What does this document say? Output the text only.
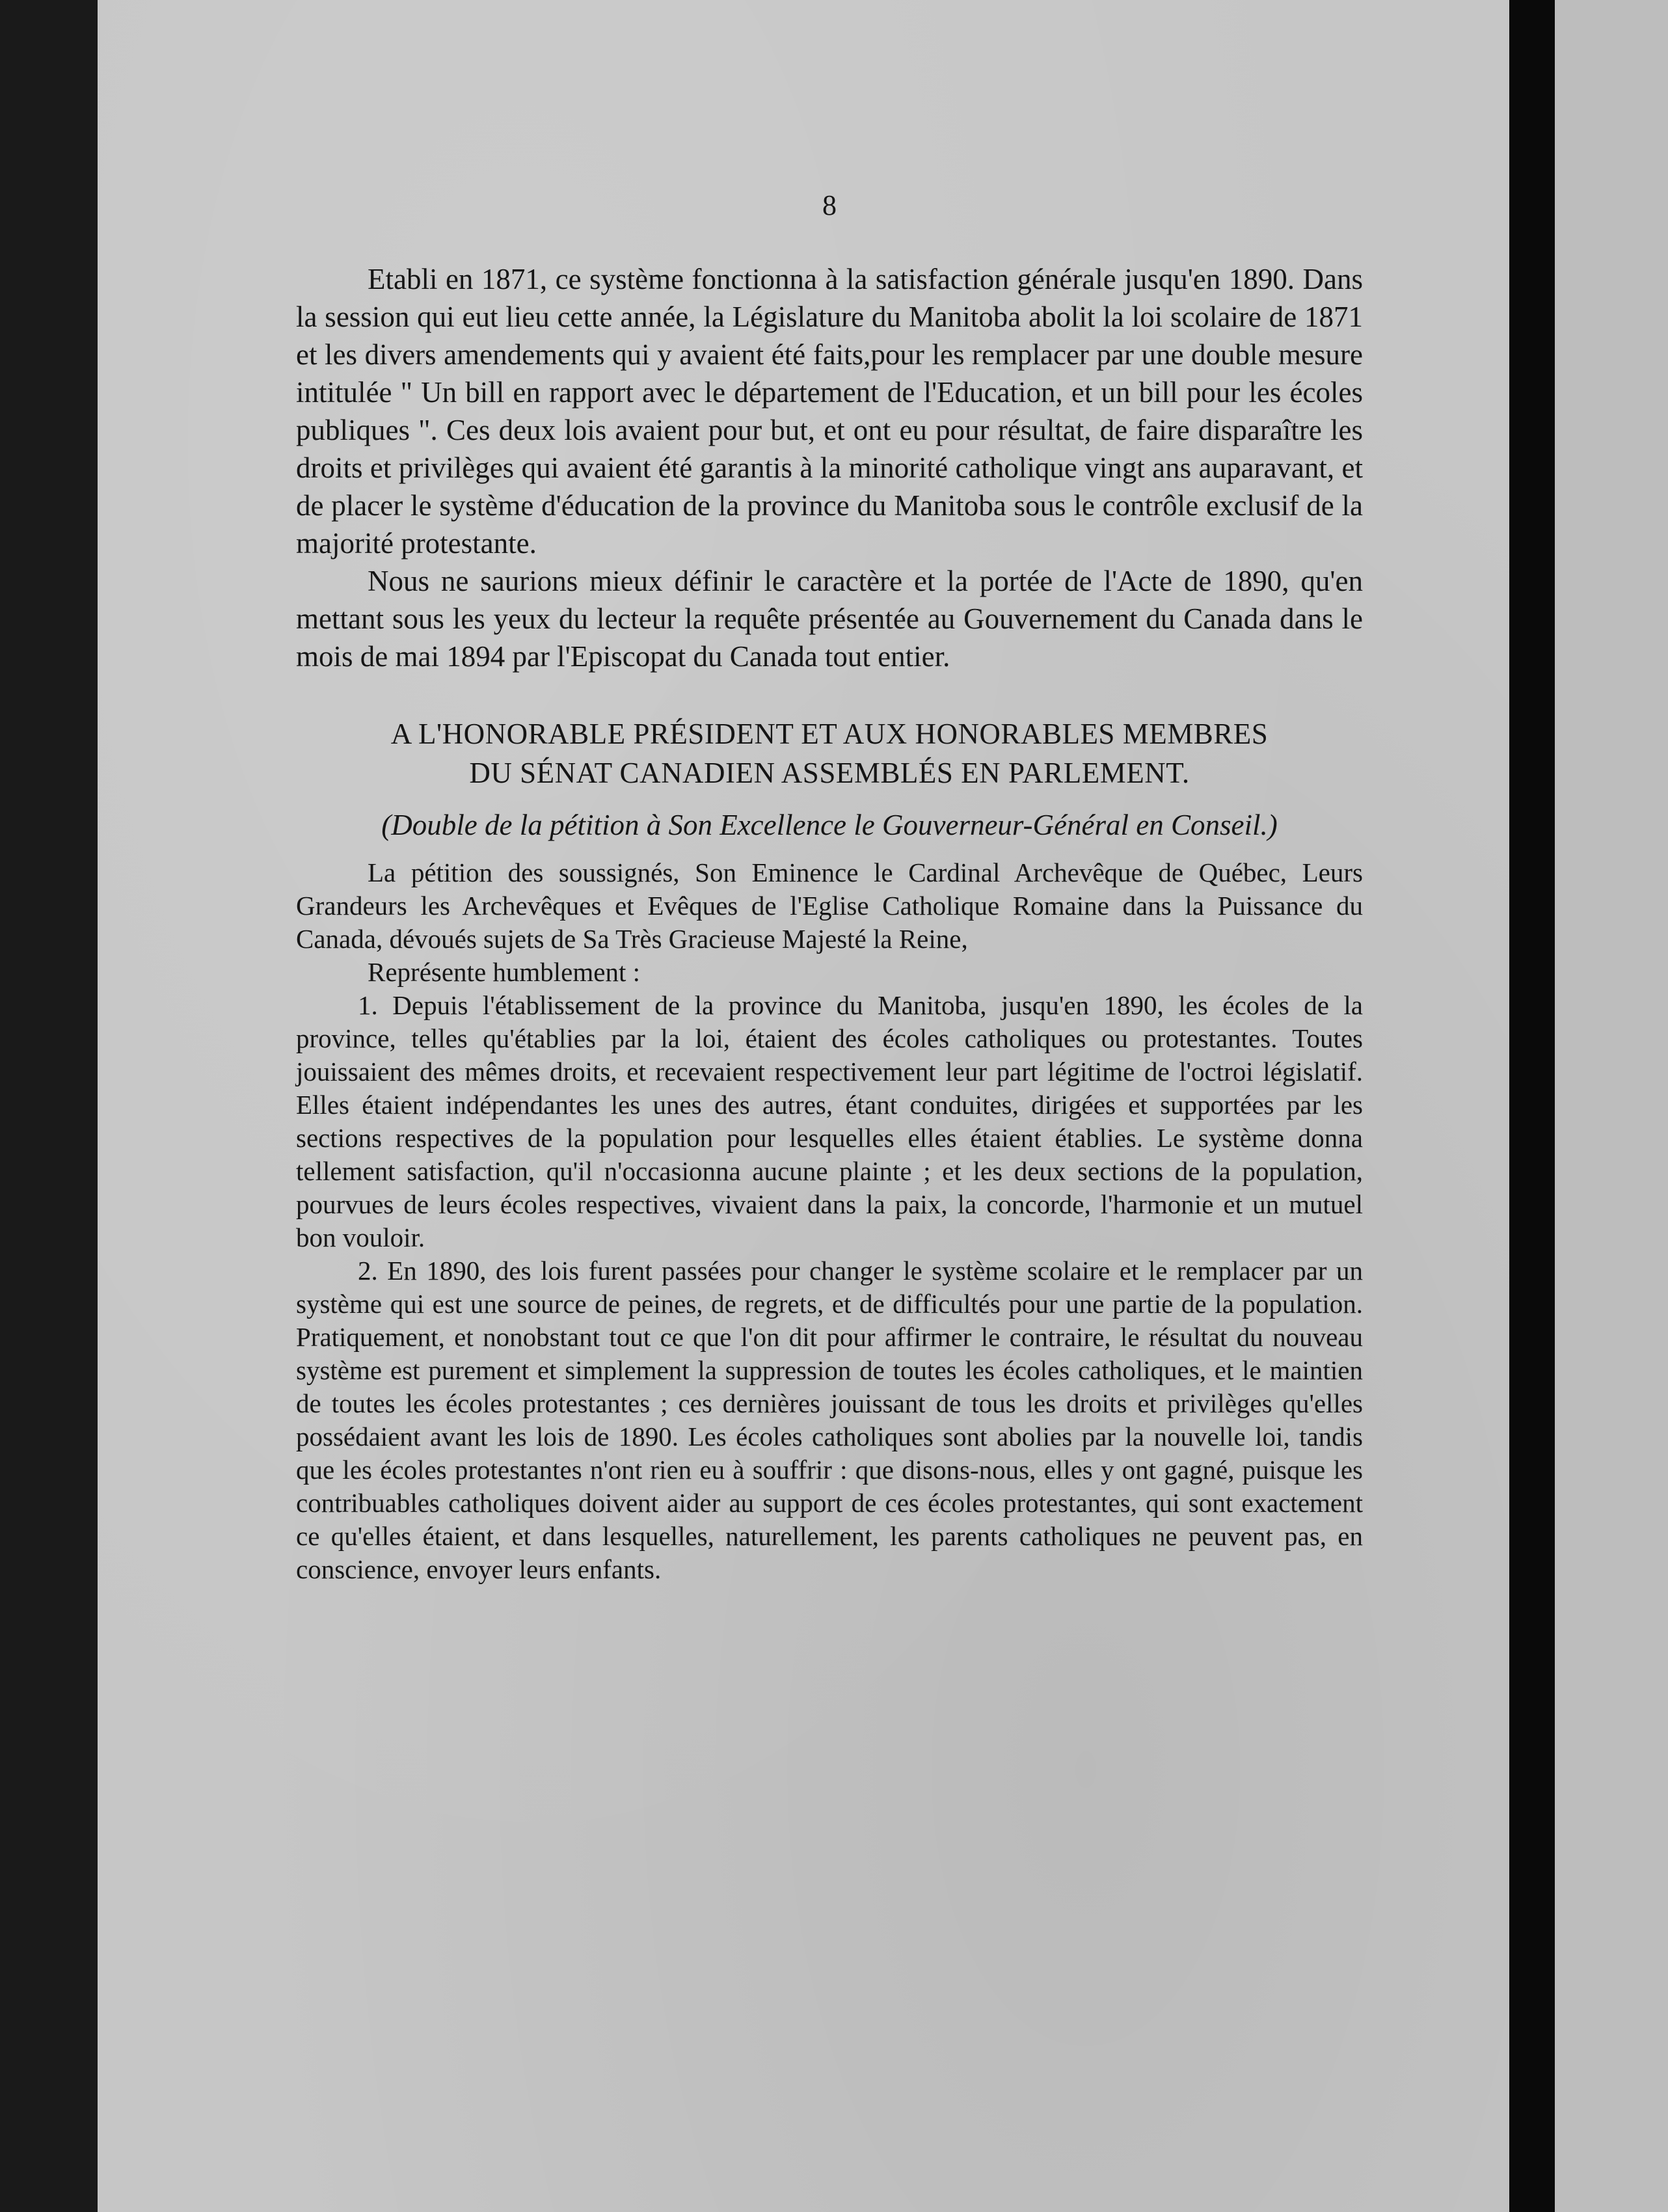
8

Etabli en 1871, ce système fonctionna à la satisfaction générale jusqu'en 1890. Dans la session qui eut lieu cette année, la Législature du Manitoba abolit la loi scolaire de 1871 et les divers amendements qui y avaient été faits,pour les remplacer par une double mesure intitulée " Un bill en rapport avec le département de l'Education, et un bill pour les écoles publiques ". Ces deux lois avaient pour but, et ont eu pour résultat, de faire disparaître les droits et privilèges qui avaient été garantis à la minorité catholique vingt ans auparavant, et de placer le système d'éducation de la province du Manitoba sous le contrôle exclusif de la majorité protestante.

Nous ne saurions mieux définir le caractère et la portée de l'Acte de 1890, qu'en mettant sous les yeux du lecteur la requête présentée au Gouvernement du Canada dans le mois de mai 1894 par l'Episcopat du Canada tout entier.

A L'HONORABLE PRÉSIDENT ET AUX HONORABLES MEMBRES
DU SÉNAT CANADIEN ASSEMBLÉS EN PARLEMENT.
(Double de la pétition à Son Excellence le Gouverneur-Général en Conseil.)

La pétition des soussignés, Son Eminence le Cardinal Archevêque de Québec, Leurs Grandeurs les Archevêques et Evêques de l'Eglise Catholique Romaine dans la Puissance du Canada, dévoués sujets de Sa Très Gracieuse Majesté la Reine,

Représente humblement :

1. Depuis l'établissement de la province du Manitoba, jusqu'en 1890, les écoles de la province, telles qu'établies par la loi, étaient des écoles catholiques ou protestantes. Toutes jouissaient des mêmes droits, et recevaient respectivement leur part légitime de l'octroi législatif. Elles étaient indépendantes les unes des autres, étant conduites, dirigées et supportées par les sections respectives de la population pour lesquelles elles étaient établies. Le système donna tellement satisfaction, qu'il n'occasionna aucune plainte ; et les deux sections de la population, pourvues de leurs écoles respectives, vivaient dans la paix, la concorde, l'harmonie et un mutuel bon vouloir.

2. En 1890, des lois furent passées pour changer le système scolaire et le remplacer par un système qui est une source de peines, de regrets, et de difficultés pour une partie de la population. Pratiquement, et nonobstant tout ce que l'on dit pour affirmer le contraire, le résultat du nouveau système est purement et simplement la suppression de toutes les écoles catholiques, et le maintien de toutes les écoles protestantes ; ces dernières jouissant de tous les droits et privilèges qu'elles possédaient avant les lois de 1890. Les écoles catholiques sont abolies par la nouvelle loi, tandis que les écoles protestantes n'ont rien eu à souffrir : que disons-nous, elles y ont gagné, puisque les contribuables catholiques doivent aider au support de ces écoles protestantes, qui sont exactement ce qu'elles étaient, et dans lesquelles, naturellement, les parents catholiques ne peuvent pas, en conscience, envoyer leurs enfants.
